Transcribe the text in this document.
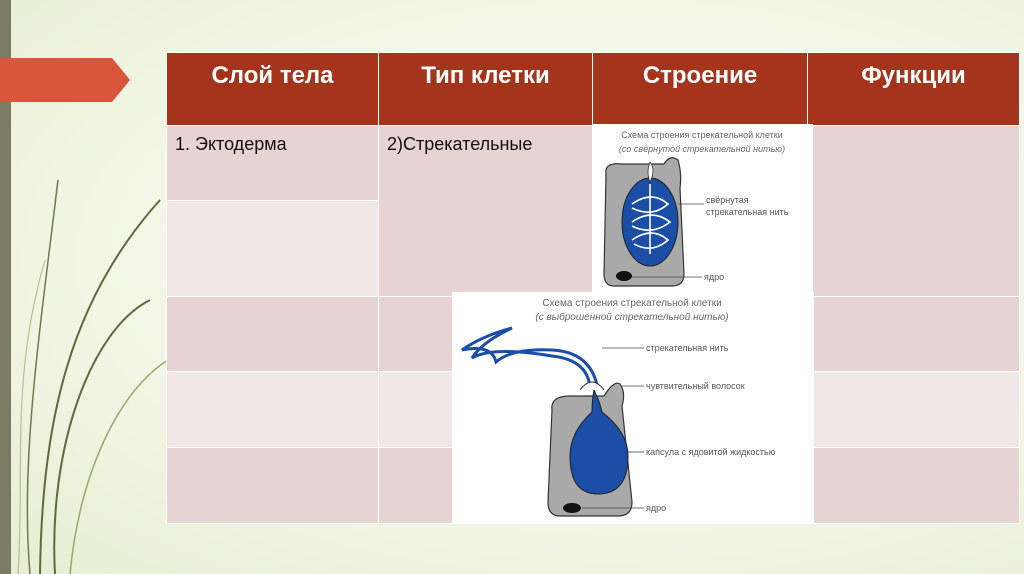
Слой тела	Тип клетки	Строение	Функции
1. Эктодерма	2)Стрекательные		

				Схема строения стрекательной клетки
(со свёрнутой стрекательной нитью)
свёрнутая
стрекательная нить
ядро
Схема строения стрекательной клетки
(с выброшенной стрекательной нитью)
стрекательная нить
чувтвительный волосок
капсула с ядовитой жидкостью
ядро
